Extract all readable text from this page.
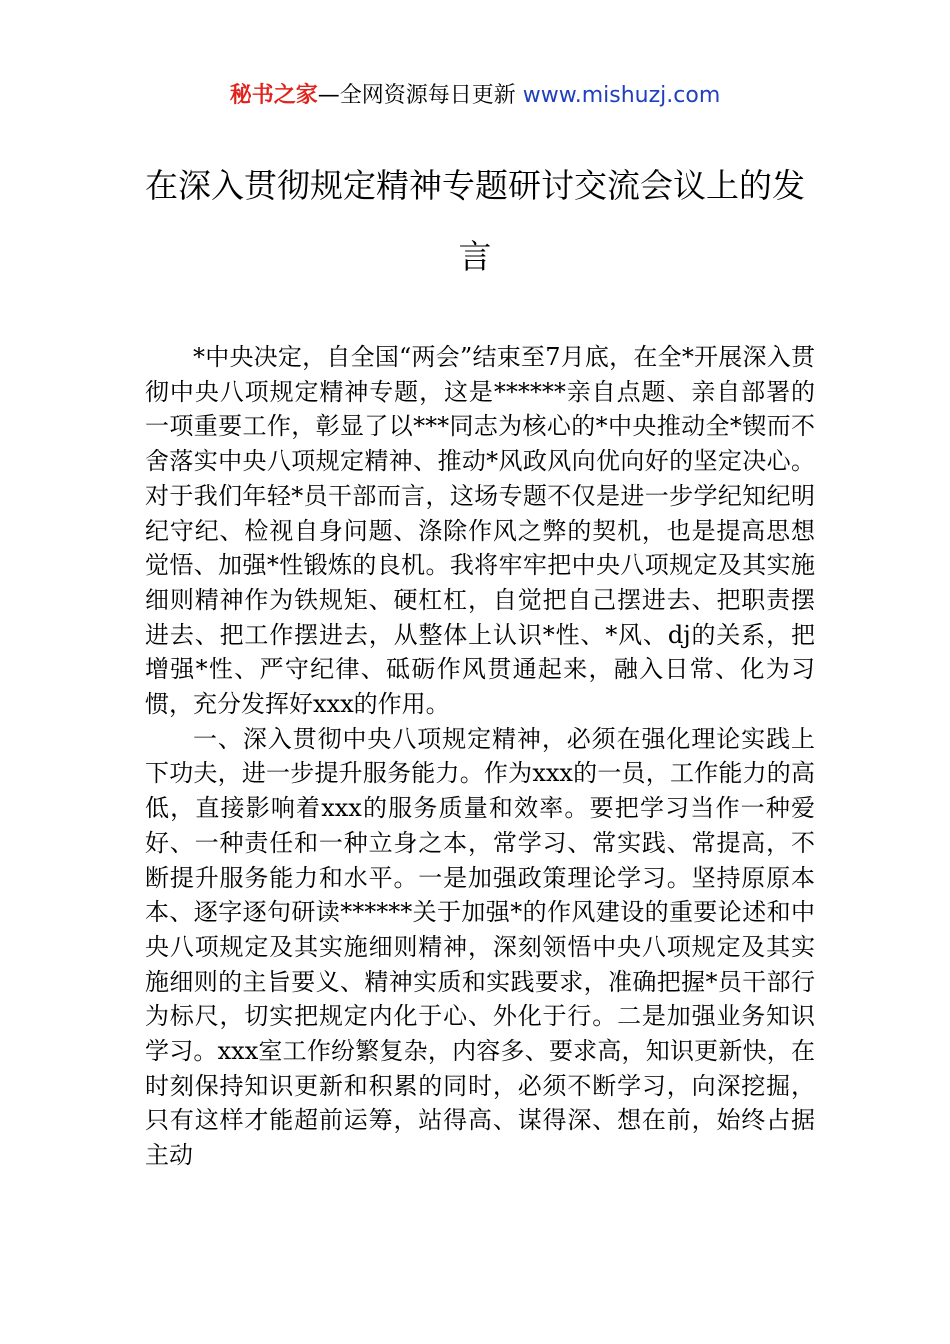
秘书之家—全网资源每日更新 www.mishuzj.com
在深入贯彻规定精神专题研讨交流会议上的发言

*中央决定，自全国“两会”结束至7月底，在全*开展深入贯彻中央八项规定精神专题，这是******亲自点题、亲自部署的一项重要工作，彰显了以***同志为核心的*中央推动全*锲而不舍落实中央八项规定精神、推动*风政风向优向好的坚定决心。对于我们年轻*员干部而言，这场专题不仅是进一步学纪知纪明纪守纪、检视自身问题、涤除作风之弊的契机，也是提高思想觉悟、加强*性锻炼的良机。我将牢牢把中央八项规定及其实施细则精神作为铁规矩、硬杠杠，自觉把自己摆进去、把职责摆进去、把工作摆进去，从整体上认识*性、*风、dj的关系，把增强*性、严守纪律、砥砺作风贯通起来，融入日常、化为习惯，充分发挥好xxx的作用。

一、深入贯彻中央八项规定精神，必须在强化理论实践上下功夫，进一步提升服务能力。作为xxx的一员，工作能力的高低，直接影响着xxx的服务质量和效率。要把学习当作一种爱好、一种责任和一种立身之本，常学习、常实践、常提高，不断提升服务能力和水平。一是加强政策理论学习。坚持原原本本、逐字逐句研读******关于加强*的作风建设的重要论述和中央八项规定及其实施细则精神，深刻领悟中央八项规定及其实施细则的主旨要义、精神实质和实践要求，准确把握*员干部行为标尺，切实把规定内化于心、外化于行。二是加强业务知识学习。xxx室工作纷繁复杂，内容多、要求高，知识更新快，在时刻保持知识更新和积累的同时，必须不断学习，向深挖掘，只有这样才能超前运筹，站得高、谋得深、想在前，始终占据主动
